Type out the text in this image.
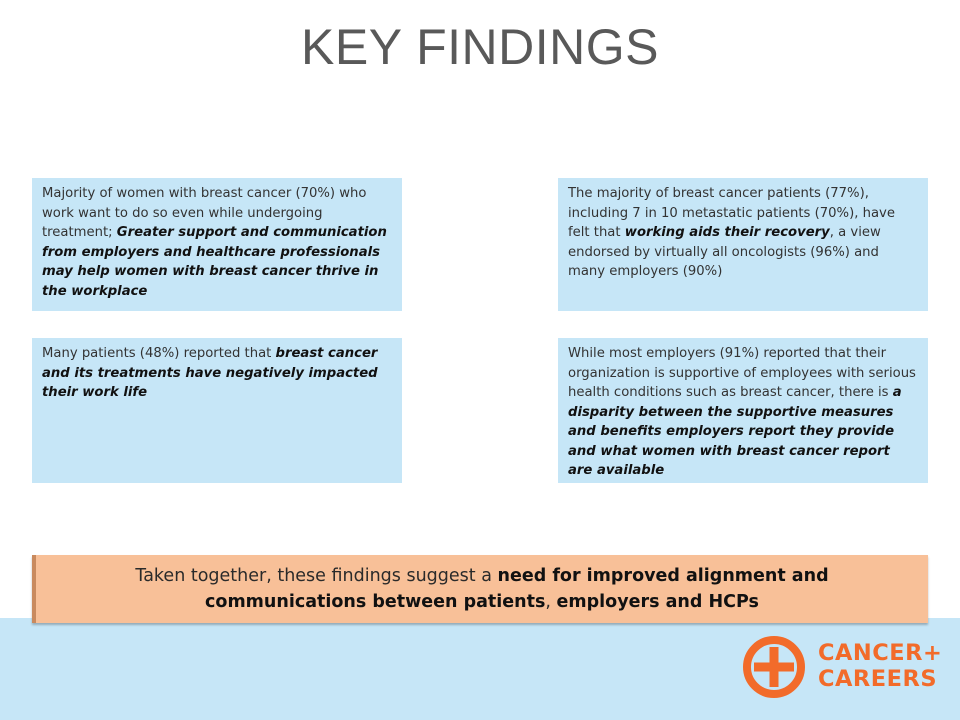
KEY FINDINGS
Majority of women with breast cancer (70%) who work want to do so even while undergoing treatment; Greater support and communication from employers and healthcare professionals may help women with breast cancer thrive in the workplace
The majority of breast cancer patients (77%), including 7 in 10 metastatic patients (70%), have felt that working aids their recovery, a view endorsed by virtually all oncologists (96%) and many employers (90%)
Many patients (48%) reported that breast cancer and its treatments have negatively impacted their work life
While most employers (91%) reported that their organization is supportive of employees with serious health conditions such as breast cancer, there is a disparity between the supportive measures and benefits employers report they provide and what women with breast cancer report are available
Taken together, these findings suggest a need for improved alignment and communications between patients, employers and HCPs
CANCER+
CAREERS
